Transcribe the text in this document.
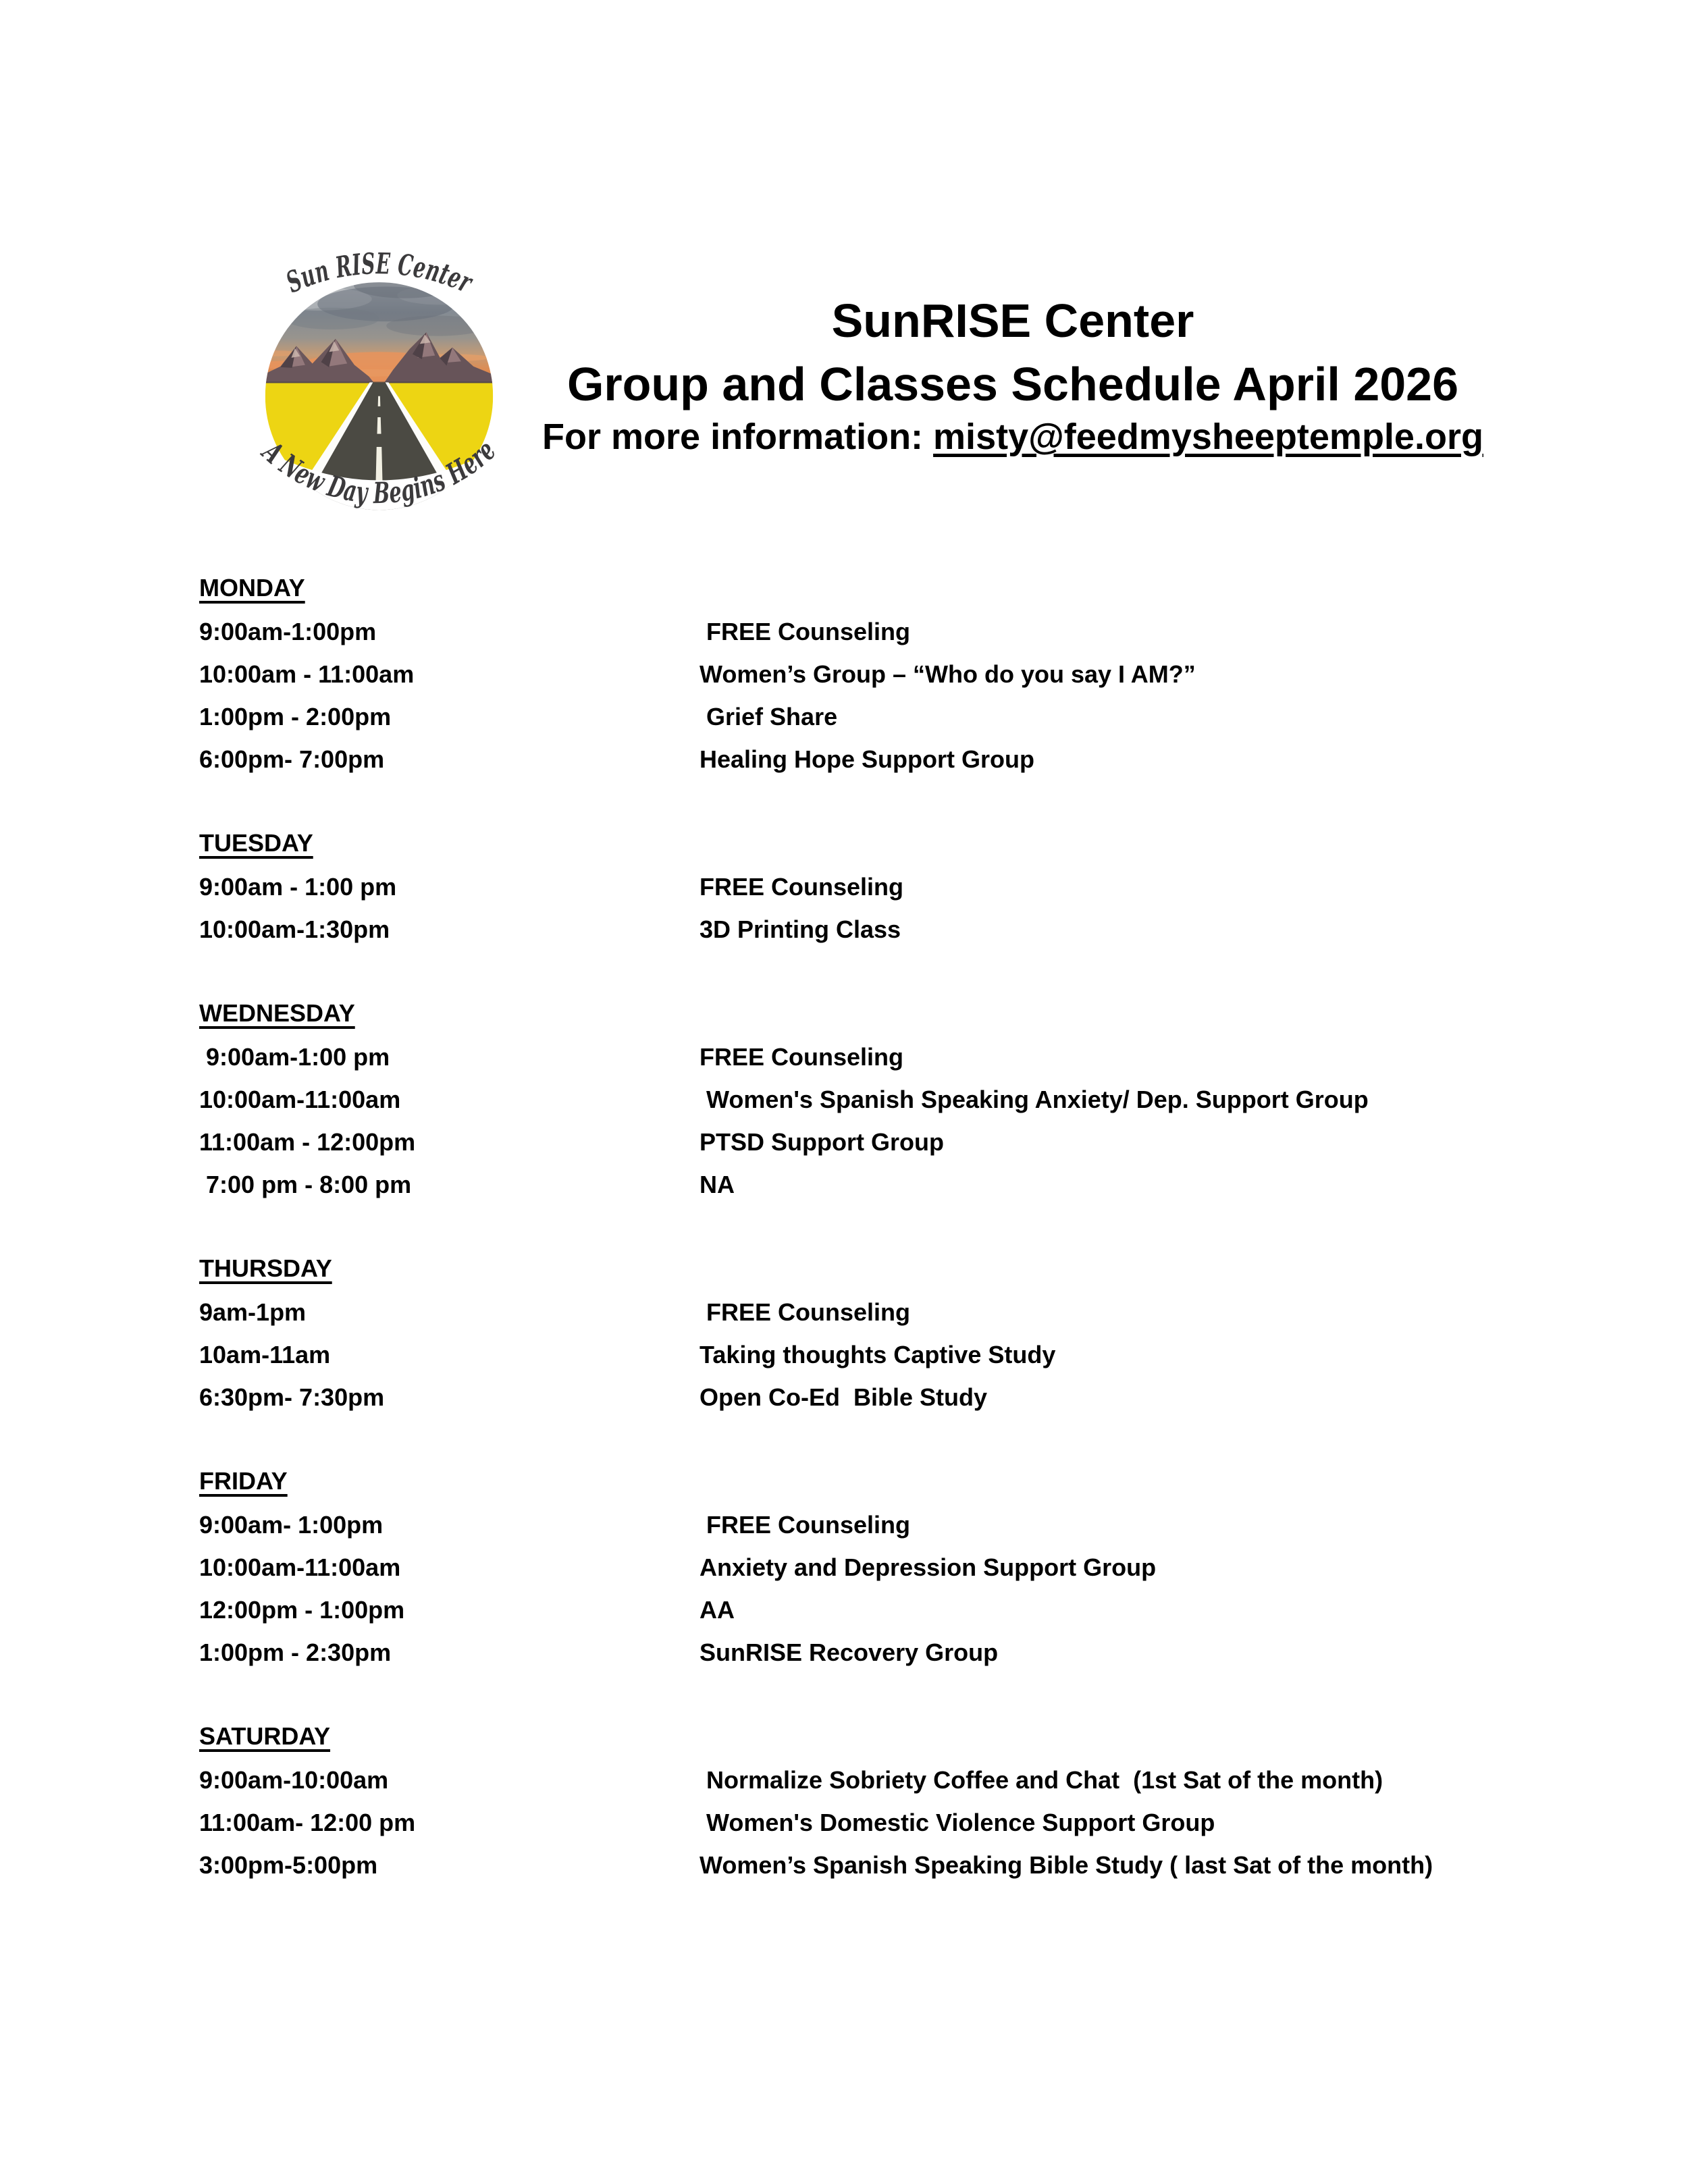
Sun RISE Center
A New Day Begins Here
SunRISE Center
Group and Classes Schedule April 2026
For more information: misty@feedmysheeptemple.org
MONDAY
9:00am-1:00pm	FREE Counseling
10:00am - 11:00am	Women’s Group – “Who do you say I AM?”
1:00pm - 2:00pm	Grief Share
6:00pm- 7:00pm	Healing Hope Support Group
TUESDAY
9:00am - 1:00 pm	FREE Counseling
10:00am-1:30pm	3D Printing Class
WEDNESDAY
9:00am-1:00 pm	FREE Counseling
10:00am-11:00am	Women's Spanish Speaking Anxiety/ Dep. Support Group
11:00am - 12:00pm	PTSD Support Group
7:00 pm - 8:00 pm	NA
THURSDAY
9am-1pm	FREE Counseling
10am-11am	Taking thoughts Captive Study
6:30pm- 7:30pm	Open Co-Ed  Bible Study
FRIDAY
9:00am- 1:00pm	FREE Counseling
10:00am-11:00am	Anxiety and Depression Support Group
12:00pm - 1:00pm	AA
1:00pm - 2:30pm	SunRISE Recovery Group
SATURDAY
9:00am-10:00am	Normalize Sobriety Coffee and Chat  (1st Sat of the month)
11:00am- 12:00 pm	Women's Domestic Violence Support Group
3:00pm-5:00pm	Women’s Spanish Speaking Bible Study ( last Sat of the month)
